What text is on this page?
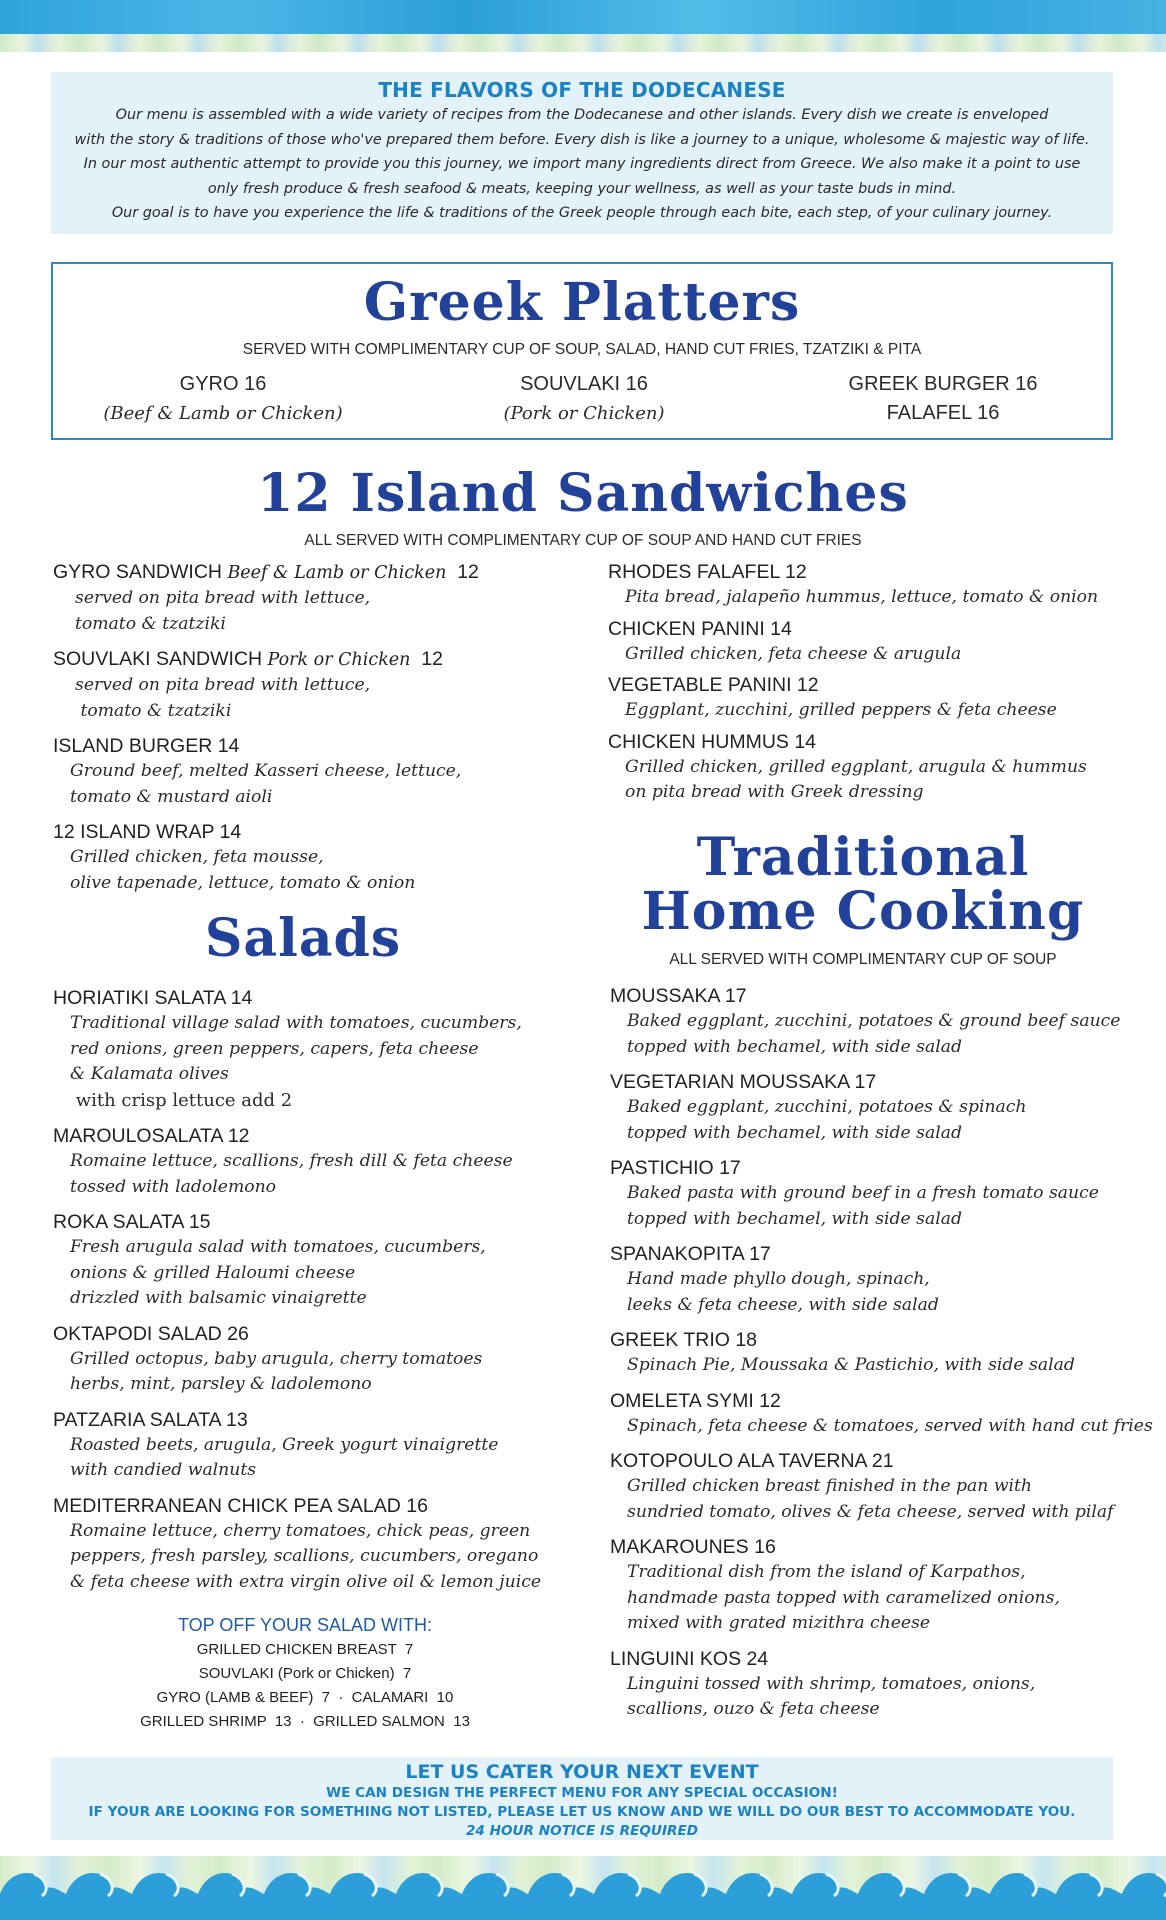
THE FLAVORS OF THE DODECANESE

Our menu is assembled with a wide variety of recipes from the Dodecanese and other islands. Every dish we create is enveloped

with the story & traditions of those who've prepared them before. Every dish is like a journey to a unique, wholesome & majestic way of life.

In our most authentic attempt to provide you this journey, we import many ingredients direct from Greece. We also make it a point to use

only fresh produce & fresh seafood & meats, keeping your wellness, as well as your taste buds in mind.

Our goal is to have you experience the life & traditions of the Greek people through each bite, each step, of your culinary journey.

Greek Platters
SERVED WITH COMPLIMENTARY CUP OF SOUP, SALAD, HAND CUT FRIES, TZATZIKI & PITA
GYRO 16
(Beef & Lamb or Chicken)
SOUVLAKI 16
(Pork or Chicken)
GREEK BURGER 16
FALAFEL 16
12 Island Sandwiches
ALL SERVED WITH COMPLIMENTARY CUP OF SOUP AND HAND CUT FRIES
GYRO SANDWICH Beef & Lamb or Chicken 12
served on pita bread with lettuce,
tomato & tzatziki
SOUVLAKI SANDWICH Pork or Chicken 12
served on pita bread with lettuce,
tomato & tzatziki
ISLAND BURGER 14
Ground beef, melted Kasseri cheese, lettuce,
tomato & mustard aioli
12 ISLAND WRAP 14
Grilled chicken, feta mousse,
olive tapenade, lettuce, tomato & onion
RHODES FALAFEL 12
Pita bread, jalapeño hummus, lettuce, tomato & onion
CHICKEN PANINI 14
Grilled chicken, feta cheese & arugula
VEGETABLE PANINI 12
Eggplant, zucchini, grilled peppers & feta cheese
CHICKEN HUMMUS 14
Grilled chicken, grilled eggplant, arugula & hummus
on pita bread with Greek dressing
Salads
HORIATIKI SALATA 14
Traditional village salad with tomatoes, cucumbers,
red onions, green peppers, capers, feta cheese
& Kalamata olives
with crisp lettuce add 2
MAROULOSALATA 12
Romaine lettuce, scallions, fresh dill & feta cheese
tossed with ladolemono
ROKA SALATA 15
Fresh arugula salad with tomatoes, cucumbers,
onions & grilled Haloumi cheese
drizzled with balsamic vinaigrette
OKTAPODI SALAD 26
Grilled octopus, baby arugula, cherry tomatoes
herbs, mint, parsley & ladolemono
PATZARIA SALATA 13
Roasted beets, arugula, Greek yogurt vinaigrette
with candied walnuts
MEDITERRANEAN CHICK PEA SALAD 16
Romaine lettuce, cherry tomatoes, chick peas, green
peppers, fresh parsley, scallions, cucumbers, oregano
& feta cheese with extra virgin olive oil & lemon juice
TOP OFF YOUR SALAD WITH:
GRILLED CHICKEN BREAST  7
SOUVLAKI (Pork or Chicken)  7
GYRO (LAMB & BEEF)  7  ·  CALAMARI  10
GRILLED SHRIMP  13  ·  GRILLED SALMON  13
Traditional
Home Cooking
ALL SERVED WITH COMPLIMENTARY CUP OF SOUP
MOUSSAKA 17
Baked eggplant, zucchini, potatoes & ground beef sauce
topped with bechamel, with side salad
VEGETARIAN MOUSSAKA 17
Baked eggplant, zucchini, potatoes & spinach
topped with bechamel, with side salad
PASTICHIO 17
Baked pasta with ground beef in a fresh tomato sauce
topped with bechamel, with side salad
SPANAKOPITA 17
Hand made phyllo dough, spinach,
leeks & feta cheese, with side salad
GREEK TRIO 18
Spinach Pie, Moussaka & Pastichio, with side salad
OMELETA SYMI 12
Spinach, feta cheese & tomatoes, served with hand cut fries
KOTOPOULO ALA TAVERNA 21
Grilled chicken breast finished in the pan with
sundried tomato, olives & feta cheese, served with pilaf
MAKAROUNES 16
Traditional dish from the island of Karpathos,
handmade pasta topped with caramelized onions,
mixed with grated mizithra cheese
LINGUINI KOS 24
Linguini tossed with shrimp, tomatoes, onions,
scallions, ouzo & feta cheese
LET US CATER YOUR NEXT EVENT
WE CAN DESIGN THE PERFECT MENU FOR ANY SPECIAL OCCASION!
IF YOUR ARE LOOKING FOR SOMETHING NOT LISTED, PLEASE LET US KNOW AND WE WILL DO OUR BEST TO ACCOMMODATE YOU.
24 HOUR NOTICE IS REQUIRED
